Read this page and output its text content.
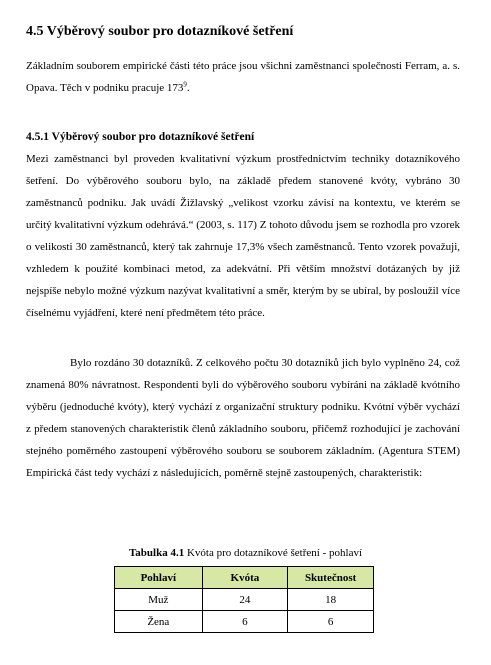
4.5 Výběrový soubor pro dotazníkové šetření

Základním souborem empirické části této práce jsou všichni zaměstnanci společnosti Ferram, a. s. Opava. Těch v podniku pracuje $173^9$.

4.5.1 Výběrový soubor pro dotazníkové šetření

Mezi zaměstnanci byl proveden kvalitativní výzkum prostřednictvím techniky dotazníkového šetření. Do výběrového souboru bylo, na základě předem stanovené kvóty, vybráno 30 zaměstnanců podniku. Jak uvádí Žižlavský „velikost vzorku závisí na kontextu, ve kterém se určitý kvalitativní výzkum odehrává.“ (2003, s. 117) Z tohoto důvodu jsem se rozhodla pro vzorek o velikosti 30 zaměstnanců, který tak zahrnuje 17,3% všech zaměstnanců. Tento vzorek považuji, vzhledem k použité kombinaci metod, za adekvátní. Při větším množství dotázaných by již nejspíše nebylo možné výzkum nazývat kvalitativní a směr, kterým by se ubíral, by posloužil více číselnému vyjádření, které není předmětem této práce.

Bylo rozdáno 30 dotazníků. Z celkového počtu 30 dotazníků jich bylo vyplněno 24, což znamená 80% návratnost. Respondenti byli do výběrového souboru vybíráni na základě kvótního výběru (jednoduché kvóty), který vychází z organizační struktury podniku. Kvótní výběr vychází z předem stanovených charakteristik členů základního souboru, přičemž rozhodující je zachování stejného poměrného zastoupení výběrového souboru se souborem základním. (Agentura STEM) Empirická část tedy vychází z následujících, poměrně stejně zastoupených, charakteristik:

Tabulka 4.1 Kvóta pro dotazníkové šetření - pohlaví
Pohlaví	Kvóta	Skutečnost
Muž	24	18
Žena	6	6
